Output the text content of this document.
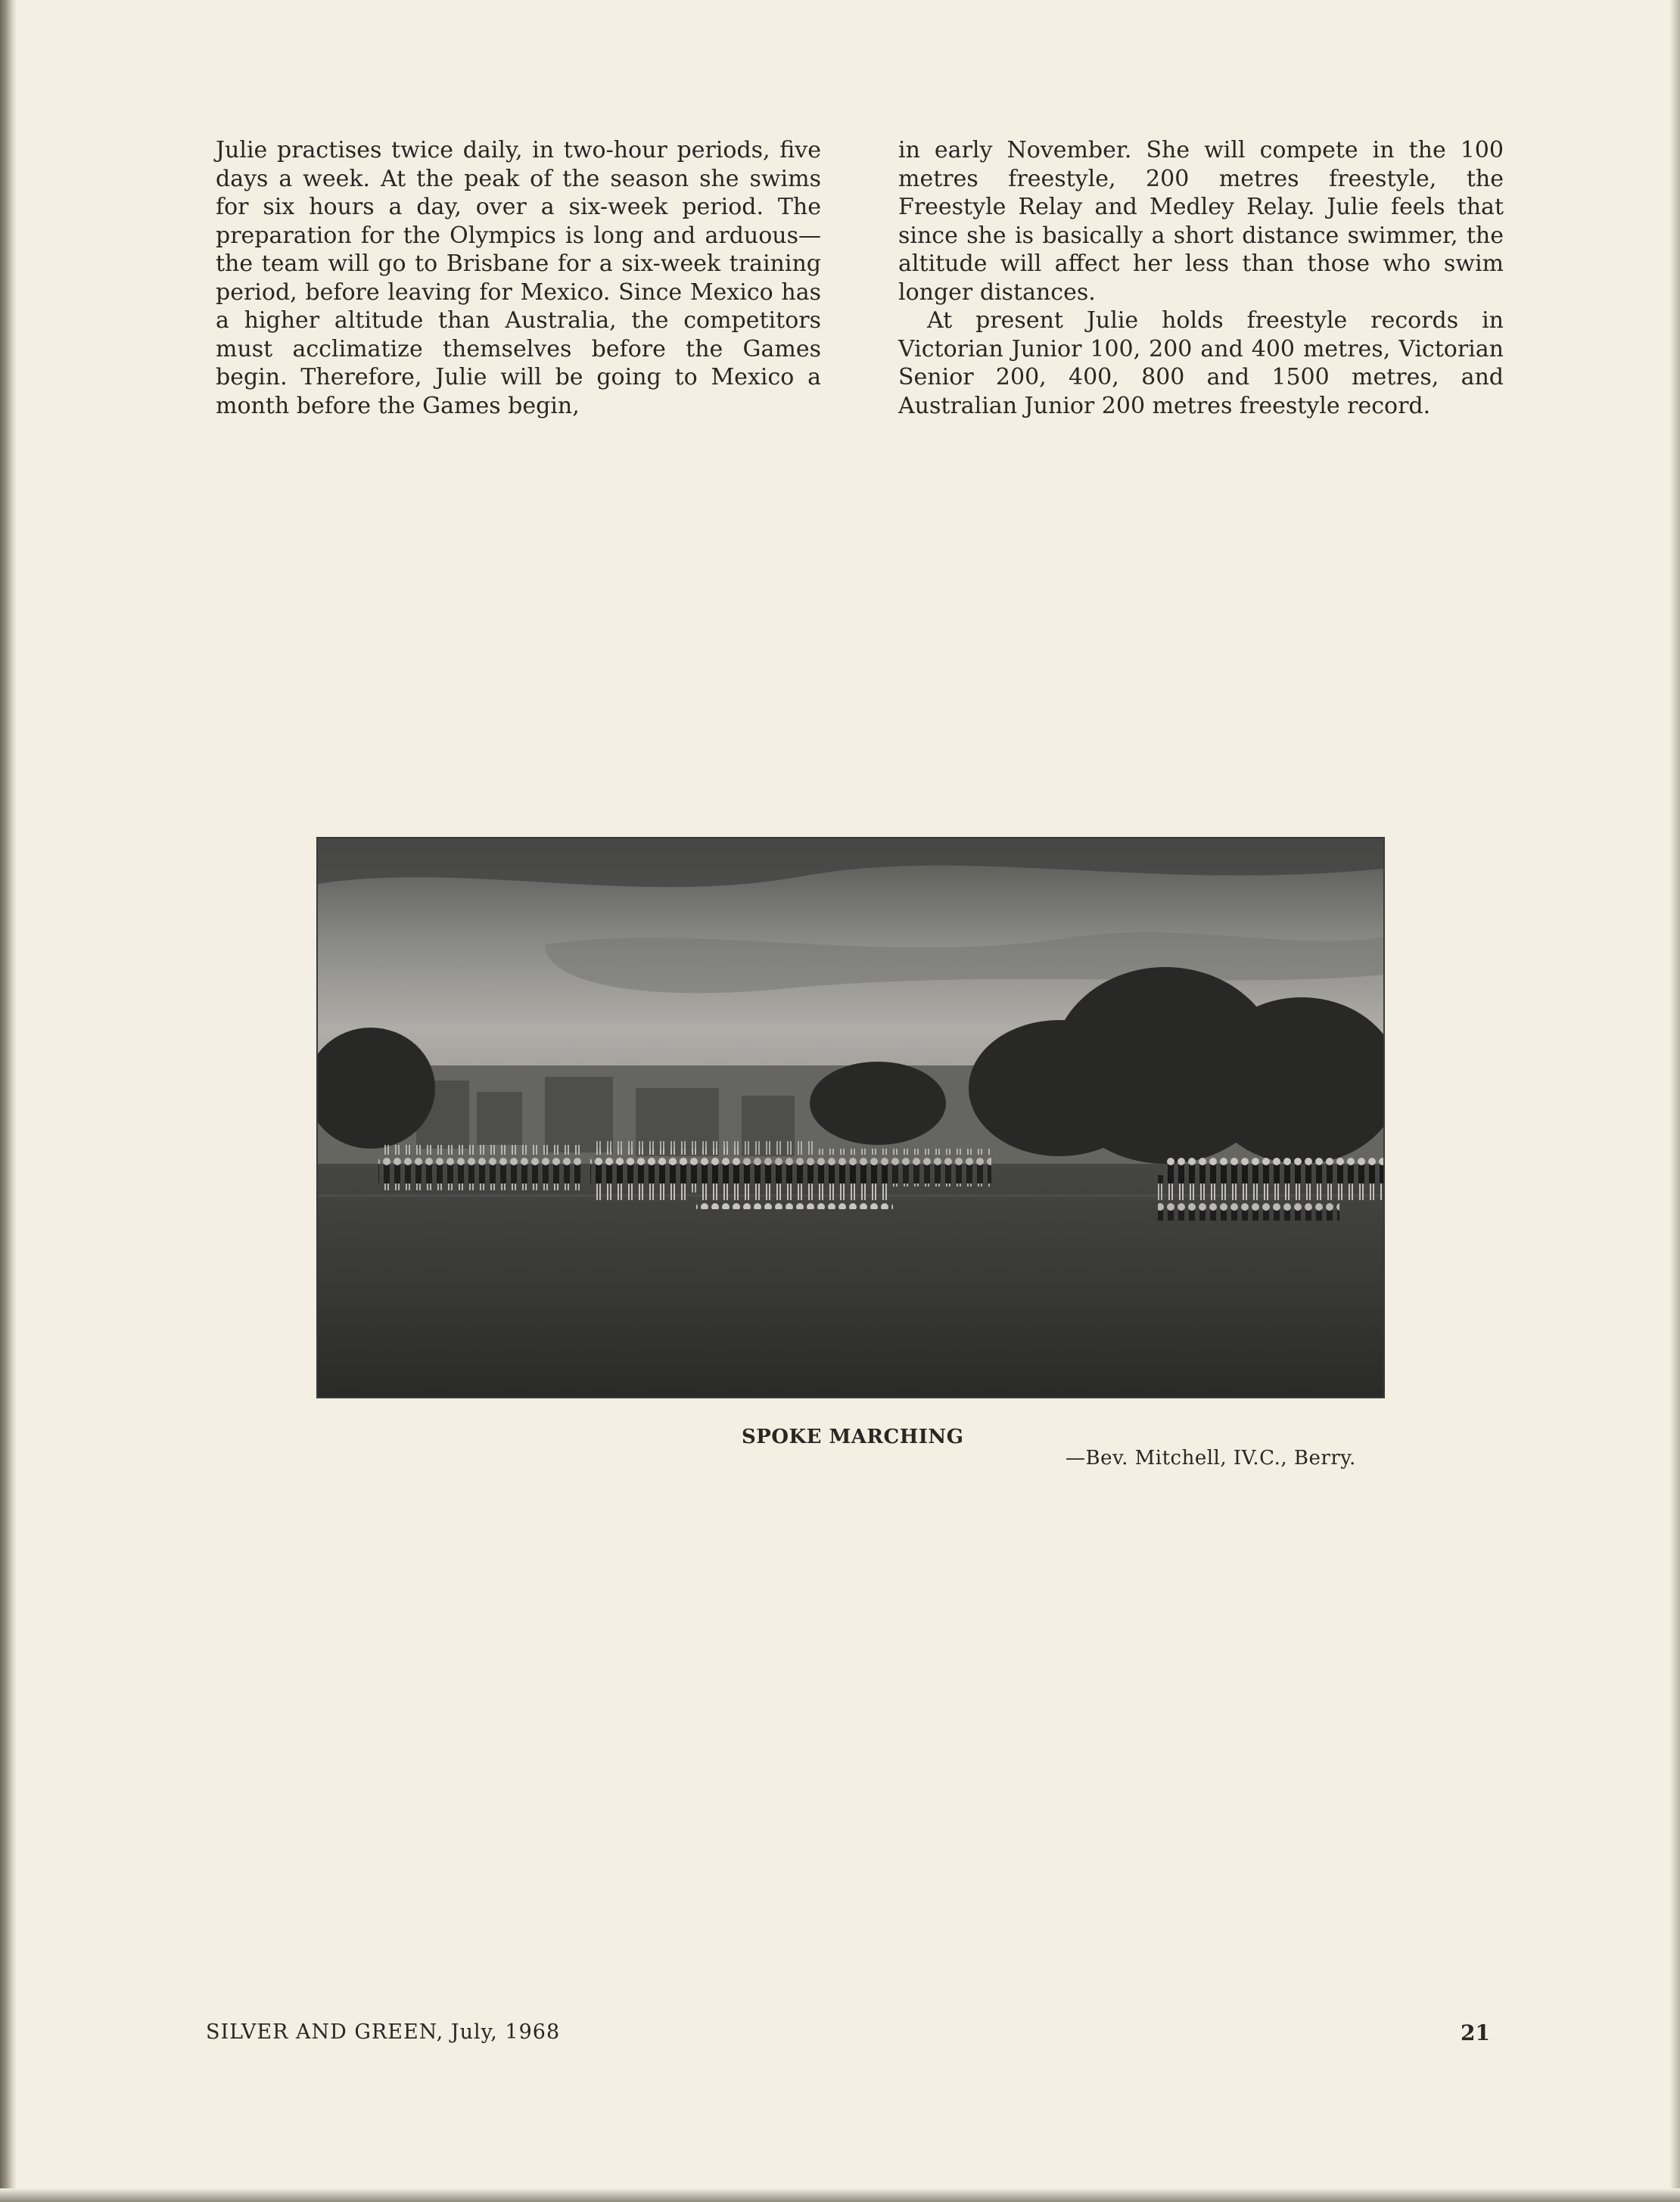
Julie practises twice daily, in two-hour periods, five days a week. At the peak of the season she swims for six hours a day, over a six-week period. The preparation for the Olympics is long and arduous—the team will go to Brisbane for a six-week training period, before leaving for Mexico. Since Mexico has a higher altitude than Australia, the competitors must acclimatize themselves before the Games begin. Therefore, Julie will be going to Mexico a month before the Games begin,

in early November. She will compete in the 100 metres freestyle, 200 metres freestyle, the Freestyle Relay and Medley Relay. Julie feels that since she is basically a short distance swimmer, the altitude will affect her less than those who swim longer distances.

At present Julie holds freestyle records in Victorian Junior 100, 200 and 400 metres, Victorian Senior 200, 400, 800 and 1500 metres, and Australian Junior 200 metres freestyle record.

SPOKE MARCHING
—Bev. Mitchell, IV.C., Berry.
SILVER AND GREEN, July, 1968	21
